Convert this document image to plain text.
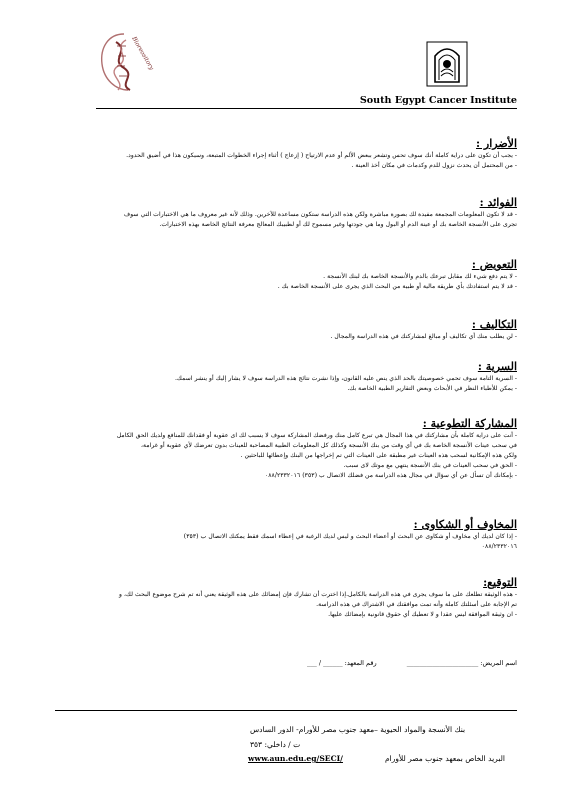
Bioreository
South Egypt Cancer Institute
الأضرار :

- يجب أن تكون على دراية كاملة أنك سوف تحس وتشعر ببعض الألم أو عدم الارتياح ( إزعاج ) أثناء إجراء الخطوات المتبعة، وسيكون هذا في أضيق الحدود.

- من المحتمل أن يحدث نزول للدم وكدمات في مكان أخذ العينة .

الفوائد :

- قد لا تكون المعلومات المجمعة مفيدة لك بصورة مباشرة ولكن هذه الدراسة ستكون مساعدة للآخرين. وذلك لأنه غير معروف ما هي الاختبارات التي سوف

تجرى على الأنسجة الخاصة بك أو عينة الدم أو البول وما هي جودتها وغير مسموح لك أو لطبيبك المعالج معرفة النتائج الخاصة بهذه الاختبارات.

التعويض :

- لا يتم دفع شيء لك مقابل تبرعك بالدم والأنسجة الخاصة بك لبنك الأنسجة .

- قد لا يتم استفادتك بأي طريقة مالية أو طبية من البحث الذي يجرى على الأنسجة الخاصة بك .

التكاليف :

- لن يطلب منك أي تكاليف أو مبالغ لمشاركتك في هذه الدراسة والمجال .

السرية :

- السرية التامة سوف تحمي خصوصيتك بالحد الذي ينص عليه القانون، وإذا نشرت نتائج هذه الدراسة سوف لا يشار إليك أو ينشر اسمك.

- يمكن للأطباء النظر في الأبحاث وبعض التقارير الطبية الخاصة بك.

المشاركة التطوعية :

- أنت على دراية كاملة بأن مشاركتك في هذا المجال هي تبرع كامل منك ورفضك المشاركة سوف لا يسبب لك اى عقوبة أو فقدانك للمنافع ولديك الحق الكامل

في سحب عينات الأنسجة الخاصة بك في أي وقت من بنك الأنسجة وكذلك كل المعلومات الطبية المصاحبة للعينات بدون تعرضك لأي عقوبة أو غرامة،

ولكن هذه الإمكانية لسحب هذه العينات غير مطبقة على العينات التي تم إخراجها من البنك وإعطائها للباحثين .

- الحق في سحب العينات في بنك الأنسجة ينتهي مع موتك لاى سبب.

- بإمكانك أن تسأل عن أي سؤال في مجال هذه الدراسة من فضلك الاتصال ب (٣٥٣) ٠٨٨/٢٣٣٢٠١٦

المخاوف أو الشكاوى :

- إذا كان لديك أي مخاوف أو شكاوى عن البحث أو أعضاء البحث و ليس لديك الرغبة في إعطاء اسمك فقط يمكنك الاتصال ب (٣٥٣)

٠٨٨/٢٣٣٢٠١٦

التوقيع:

- هذه الوثيقة تطلعك على ما سوف يجرى في هذه الدراسة بالكامل.إذا اخترت أن تشارك فإن إمضائك على هذه الوثيقة يعني أنه تم شرح موضوع البحث لك، و

تم الإجابة على أسئلتك كاملة وأنه تمت موافقتك في الاشتراك في هذه الدراسة.

- ان وثيقة الموافقة ليس عقدا و لا تعطيك أي حقوق قانونية بإمضائك عليها.

اسم المريض: ______________________ رقم المعهد: ______ / ___
بنك الأنسجة والمواد الحيوية –معهد جنوب مصر للأورام- الدور السادس
ت / داخلي: ٣٥٣
البريد الخاص بمعهد جنوب مصر للأورام
www.aun.edu.eg/SECI/
